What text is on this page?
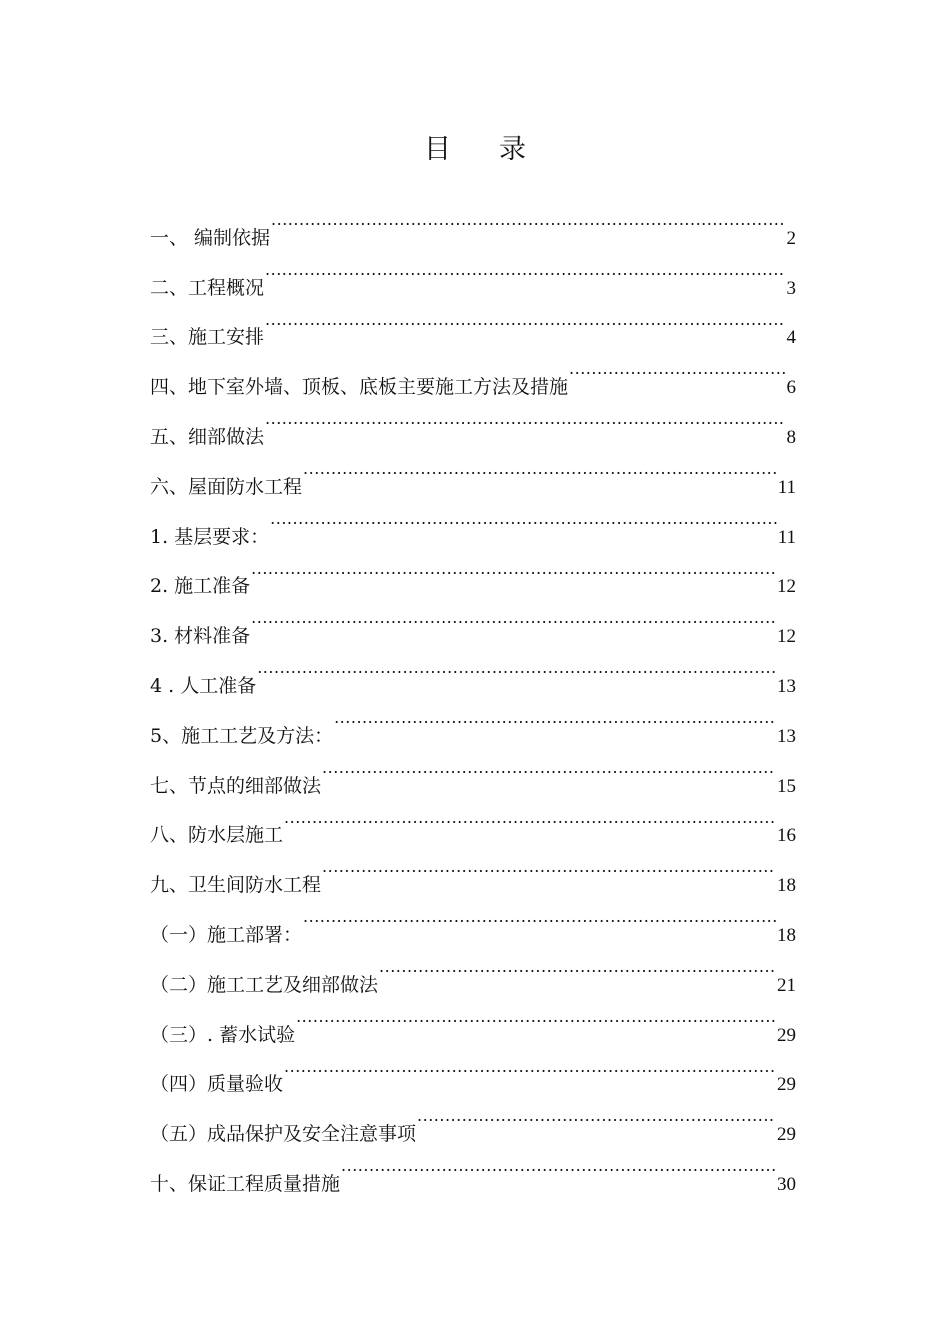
目录
一、 编制依据 .....	2
二、工程概况 .....	3
三、施工安排 .....	4
四、地下室外墙、顶板、底板主要施工方法及措施 .....	6
五、细部做法 .....	8
六、屋面防水工程 .....	11
1. 基层要求： .....	11
2. 施工准备 .....	12
3. 材料准备 .....	12
4 . 人工准备 .....	13
5、施工工艺及方法： .....	13
七、节点的细部做法 .....	15
八、防水层施工 .....	16
九、卫生间防水工程 .....	18
（一）施工部署： .....	18
（二）施工工艺及细部做法 .....	21
（三）. 蓄水试验 .....	29
（四）质量验收 .....	29
（五）成品保护及安全注意事项 .....	29
十、保证工程质量措施 .....	30
